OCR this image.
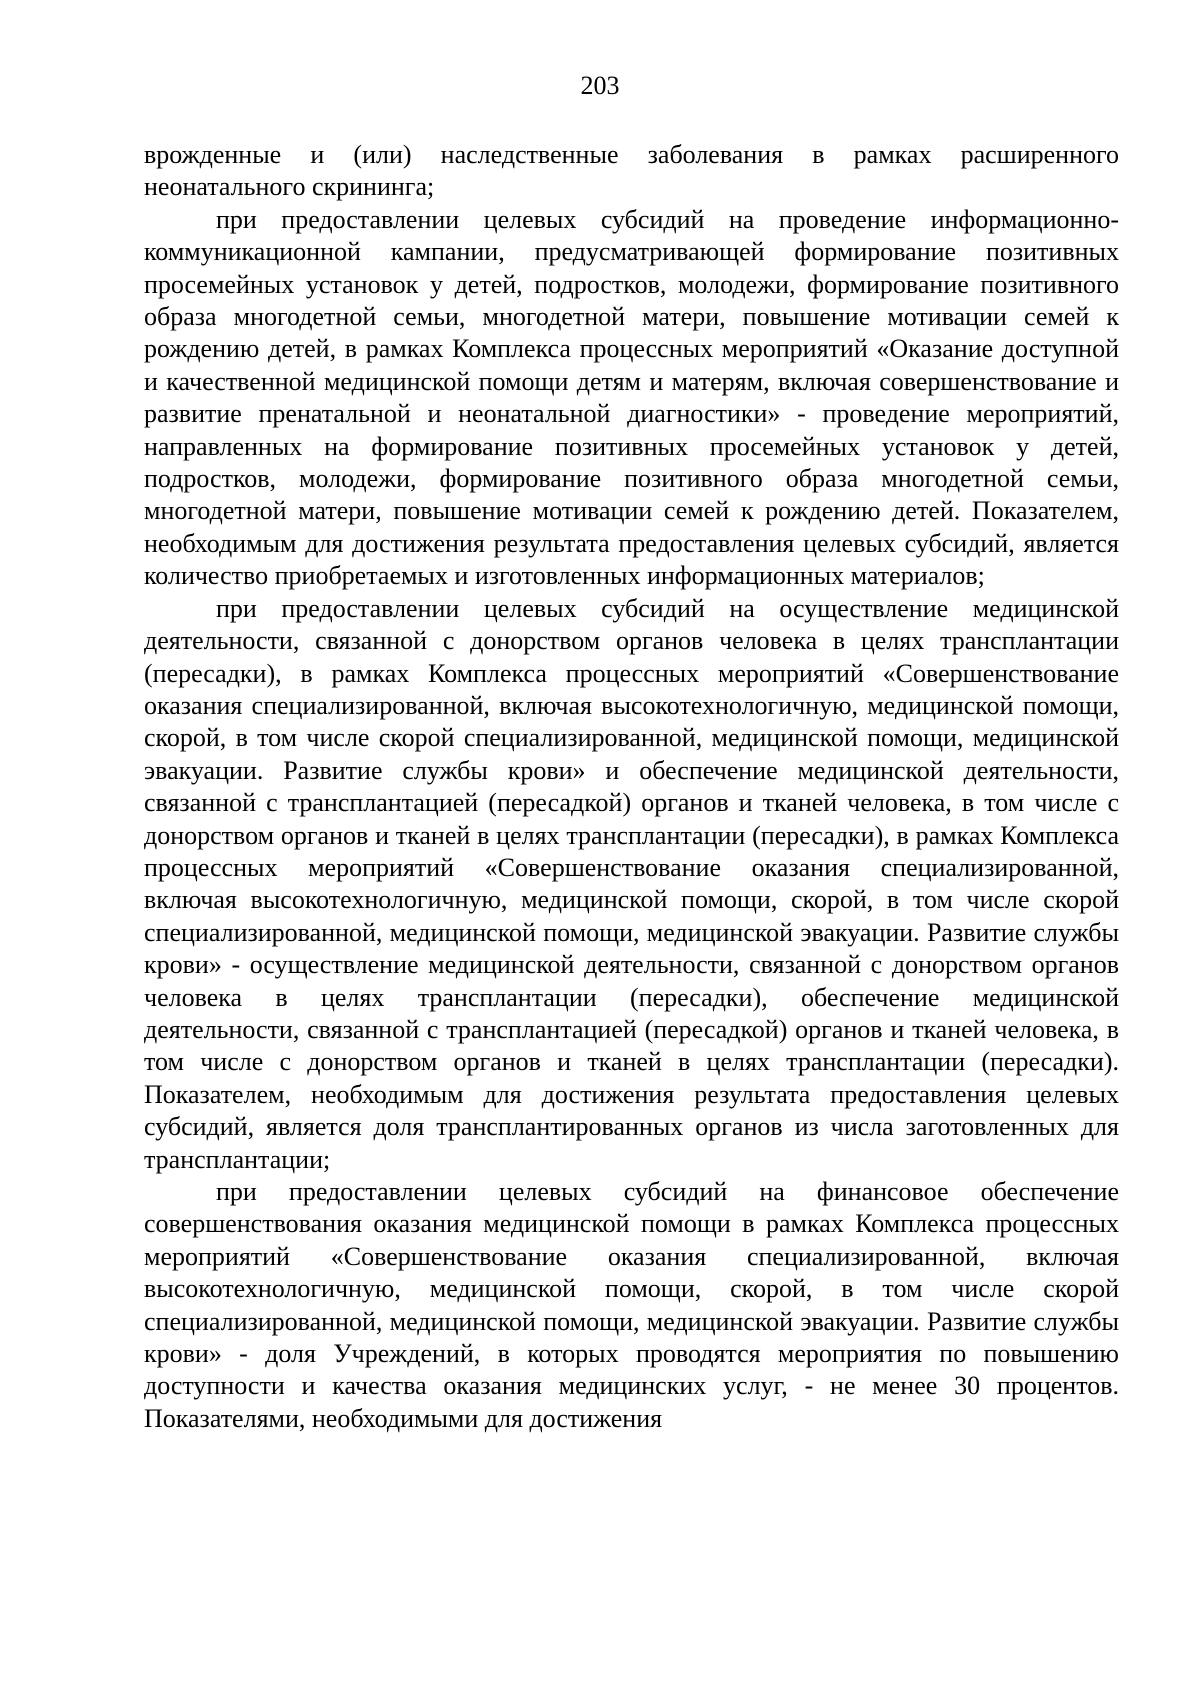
203

врожденные и (или) наследственные заболевания в рамках расширенного неонатального скрининга;

при предоставлении целевых субсидий на проведение информационно-коммуникационной кампании, предусматривающей формирование позитивных просемейных установок у детей, подростков, молодежи, формирование позитивного образа многодетной семьи, многодетной матери, повышение мотивации семей к рождению детей, в рамках Комплекса процессных мероприятий «Оказание доступной и качественной медицинской помощи детям и матерям, включая совершенствование и развитие пренатальной и неонатальной диагностики» - проведение мероприятий, направленных на формирование позитивных просемейных установок у детей, подростков, молодежи, формирование позитивного образа многодетной семьи, многодетной матери, повышение мотивации семей к рождению детей. Показателем, необходимым для достижения результата предоставления целевых субсидий, является количество приобретаемых и изготовленных информационных материалов;

при предоставлении целевых субсидий на осуществление медицинской деятельности, связанной с донорством органов человека в целях трансплантации (пересадки), в рамках Комплекса процессных мероприятий «Совершенствование оказания специализированной, включая высокотехнологичную, медицинской помощи, скорой, в том числе скорой специализированной, медицинской помощи, медицинской эвакуации. Развитие службы крови» и обеспечение медицинской деятельности, связанной с трансплантацией (пересадкой) органов и тканей человека, в том числе с донорством органов и тканей в целях трансплантации (пересадки), в рамках Комплекса процессных мероприятий «Совершенствование оказания специализированной, включая высокотехнологичную, медицинской помощи, скорой, в том числе скорой специализированной, медицинской помощи, медицинской эвакуации. Развитие службы крови» - осуществление медицинской деятельности, связанной с донорством органов человека в целях трансплантации (пересадки), обеспечение медицинской деятельности, связанной с трансплантацией (пересадкой) органов и тканей человека, в том числе с донорством органов и тканей в целях трансплантации (пересадки). Показателем, необходимым для достижения результата предоставления целевых субсидий, является доля трансплантированных органов из числа заготовленных для трансплантации;

при предоставлении целевых субсидий на финансовое обеспечение совершенствования оказания медицинской помощи в рамках Комплекса процессных мероприятий «Совершенствование оказания специализированной, включая высокотехнологичную, медицинской помощи, скорой, в том числе скорой специализированной, медицинской помощи, медицинской эвакуации. Развитие службы крови» - доля Учреждений, в которых проводятся мероприятия по повышению доступности и качества оказания медицинских услуг, - не менее 30 процентов. Показателями, необходимыми для достижения
